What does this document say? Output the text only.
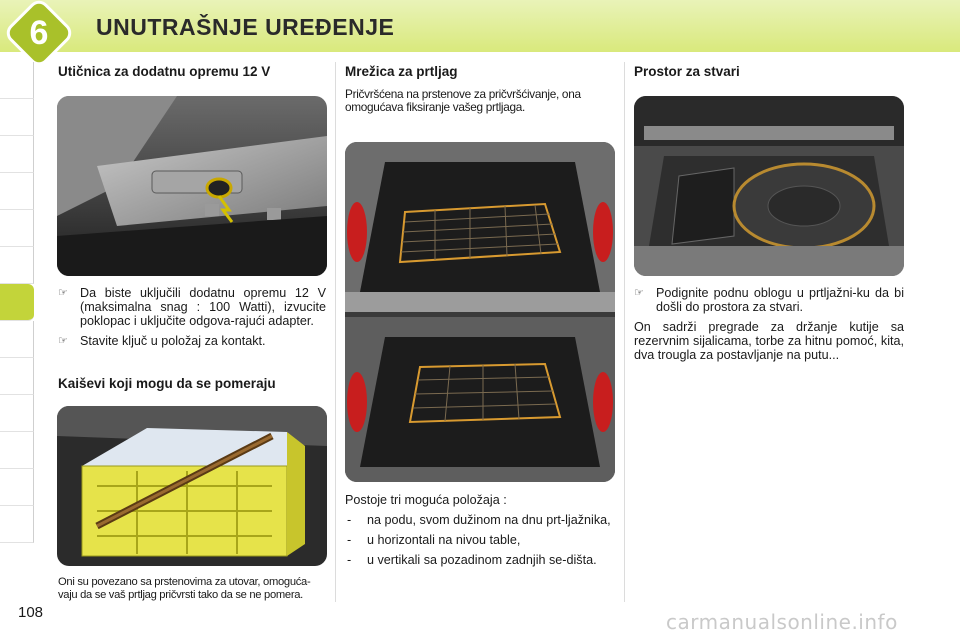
6	UNUTRAŠNJE UREĐENJE
Utičnica za dodatnu opremu 12 V
☞ Da biste uključili dodatnu opremu 12 V (maksimalna snag : 100 Watti), izvucite poklopac i uključite odgova-rajući adapter.
☞ Stavite ključ u položaj za kontakt.
Kaiševi koji mogu da se pomeraju
Oni su povezano sa prstenovima za utovar, omoguća-vaju da se vaš prtljag pričvrsti tako da se ne pomera.
Mrežica za prtljag
Pričvršćena na prstenove za pričvršćivanje, ona omogućava fiksiranje vašeg prtljaga.

Postoje tri moguća položaja :

- na podu, svom dužinom na dnu prt-ljažnika,
- u horizontali na nivou table,
- u vertikali sa pozadinom zadnjih se-dišta.
Prostor za stvari
☞ Podignite podnu oblogu u prtljažni-ku da bi došli do prostora za stvari.

On sadrži pregrade za držanje kutije sa rezervnim sijalicama, torbe za hitnu pomoć, kita, dva trougla za postavljanje na putu...

108	carmanualsonline.info
